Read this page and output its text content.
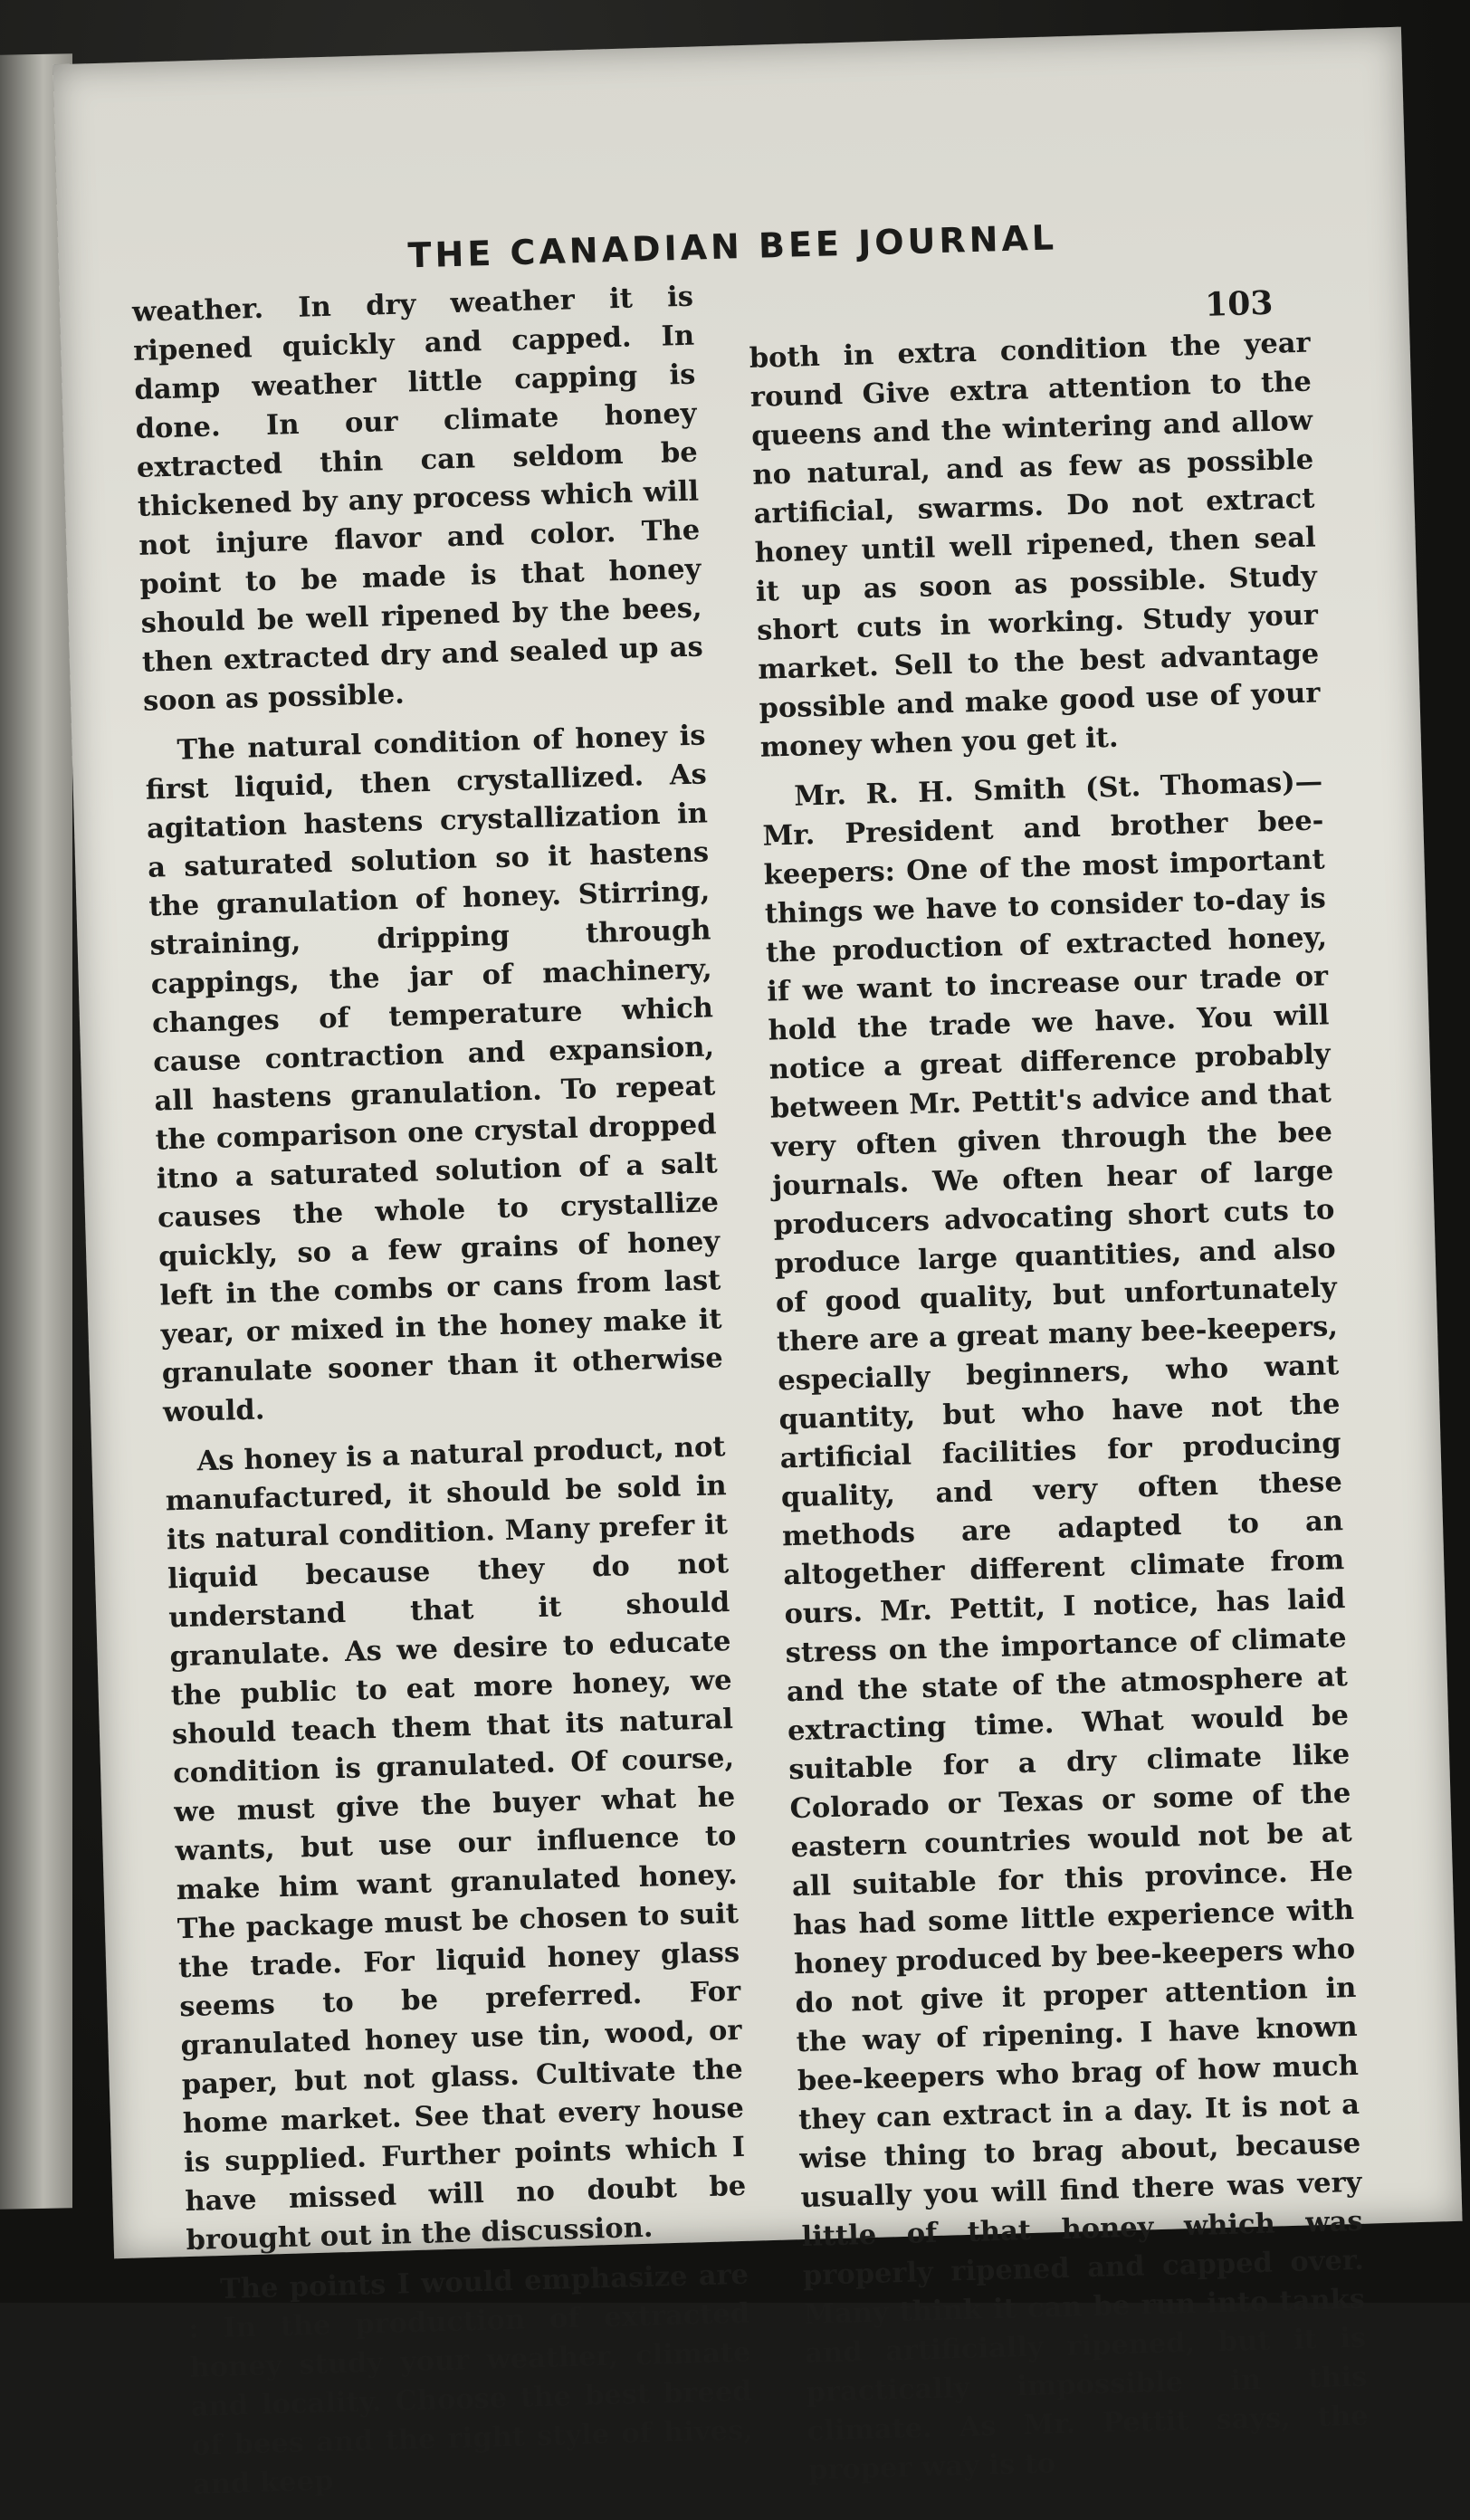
THE CANADIAN BEE JOURNAL
103

weather. In dry weather it is ripened quickly and capped. In damp weather little capping is done. In our climate honey extracted thin can seldom be thickened by any process which will not injure flavor and color. The point to be made is that honey should be well ripened by the bees, then extracted dry and sealed up as soon as possible.

The natural condition of honey is first liquid, then crystallized. As agitation hastens crystallization in a saturated solution so it hastens the granulation of honey. Stirring, straining, dripping through cappings, the jar of machinery, changes of temperature which cause contraction and expansion, all hastens granulation. To repeat the comparison one crystal dropped itno a saturated solution of a salt causes the whole to crystallize quickly, so a few grains of honey left in the combs or cans from last year, or mixed in the honey make it granulate sooner than it otherwise would.

As honey is a natural product, not manufactured, it should be sold in its natural condition. Many prefer it liquid because they do not understand that it should granulate. As we desire to educate the public to eat more honey, we should teach them that its natural condition is granulated. Of course, we must give the buyer what he wants, but use our influence to make him want granulated honey. The package must be chosen to suit the trade. For liquid honey glass seems to be preferred. For granulated honey use tin, wood, or paper, but not glass. Cultivate the home market. See that every house is supplied. Further points which I have missed will no doubt be brought out in the discussion.

The points I would emphasize are : In the production of extracted honey study your weather, climate and locality. Choose the best breed of bees and the right style of hives, and keep

both in extra condition the year round Give extra attention to the queens and the wintering and allow no natural, and as few as possible artificial, swarms. Do not extract honey until well ripened, then seal it up as soon as possible. Study short cuts in working. Study your market. Sell to the best advantage possible and make good use of your money when you get it.

Mr. R. H. Smith (St. Thomas)—Mr. President and brother bee-keepers: One of the most important things we have to consider to-day is the production of extracted honey, if we want to increase our trade or hold the trade we have. You will notice a great difference probably between Mr. Pettit's advice and that very often given through the bee journals. We often hear of large producers advocating short cuts to produce large quantities, and also of good quality, but unfortunately there are a great many bee-keepers, especially beginners, who want quantity, but who have not the artificial facilities for producing quality, and very often these methods are adapted to an altogether different climate from ours. Mr. Pettit, I notice, has laid stress on the importance of climate and the state of the atmosphere at extracting time. What would be suitable for a dry climate like Colorado or Texas or some of the eastern countries would not be at all suitable for this province. He has had some little experience with honey produced by bee-keepers who do not give it proper attention in the way of ripening. I have known bee-keepers who brag of how much they can extract in a day. It is not a wise thing to brag about, because usually you will find there was very little of that honey which was properly ripened and capped over. Many think it can be run into tanks and artificially ripened, but it is practically impossible in this climate. As Mr. Pettit says, the proper way is to
